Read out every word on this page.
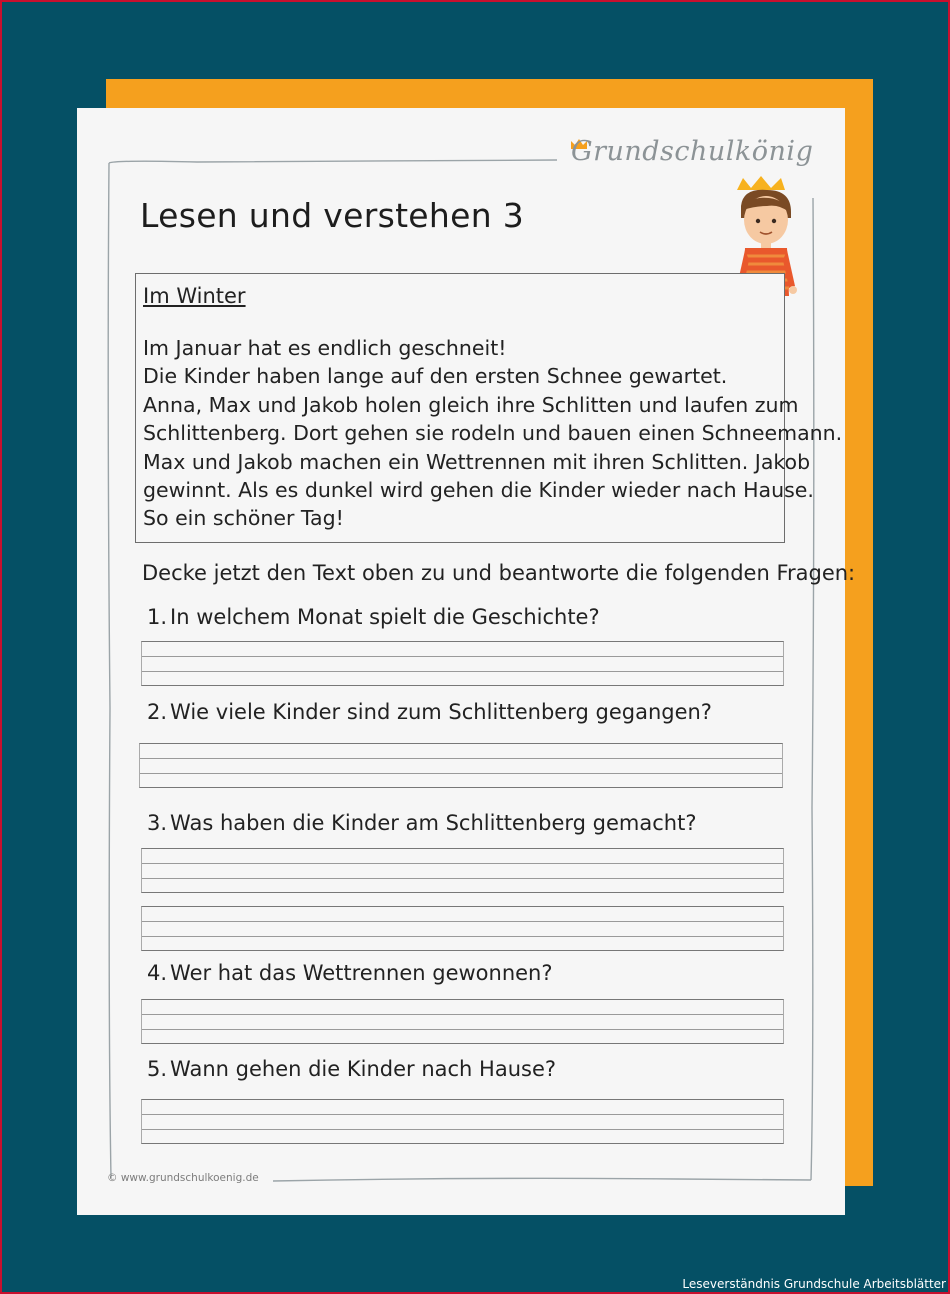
Grundschulkönig
Lesen und verstehen 3
Im Winter
Im Januar hat es endlich geschneit!
Die Kinder haben lange auf den ersten Schnee gewartet.
Anna, Max und Jakob holen gleich ihre Schlitten und laufen zum
Schlittenberg. Dort gehen sie rodeln und bauen einen Schneemann.
Max und Jakob machen ein Wettrennen mit ihren Schlitten. Jakob
gewinnt. Als es dunkel wird gehen die Kinder wieder nach Hause.
So ein schöner Tag!
Decke jetzt den Text oben zu und beantworte die folgenden Fragen:
1. In welchem Monat spielt die Geschichte?
2. Wie viele Kinder sind zum Schlittenberg gegangen?
3. Was haben die Kinder am Schlittenberg gemacht?
4. Wer hat das Wettrennen gewonnen?
5. Wann gehen die Kinder nach Hause?
© www.grundschulkoenig.de
Leseverständnis Grundschule Arbeitsblätter
